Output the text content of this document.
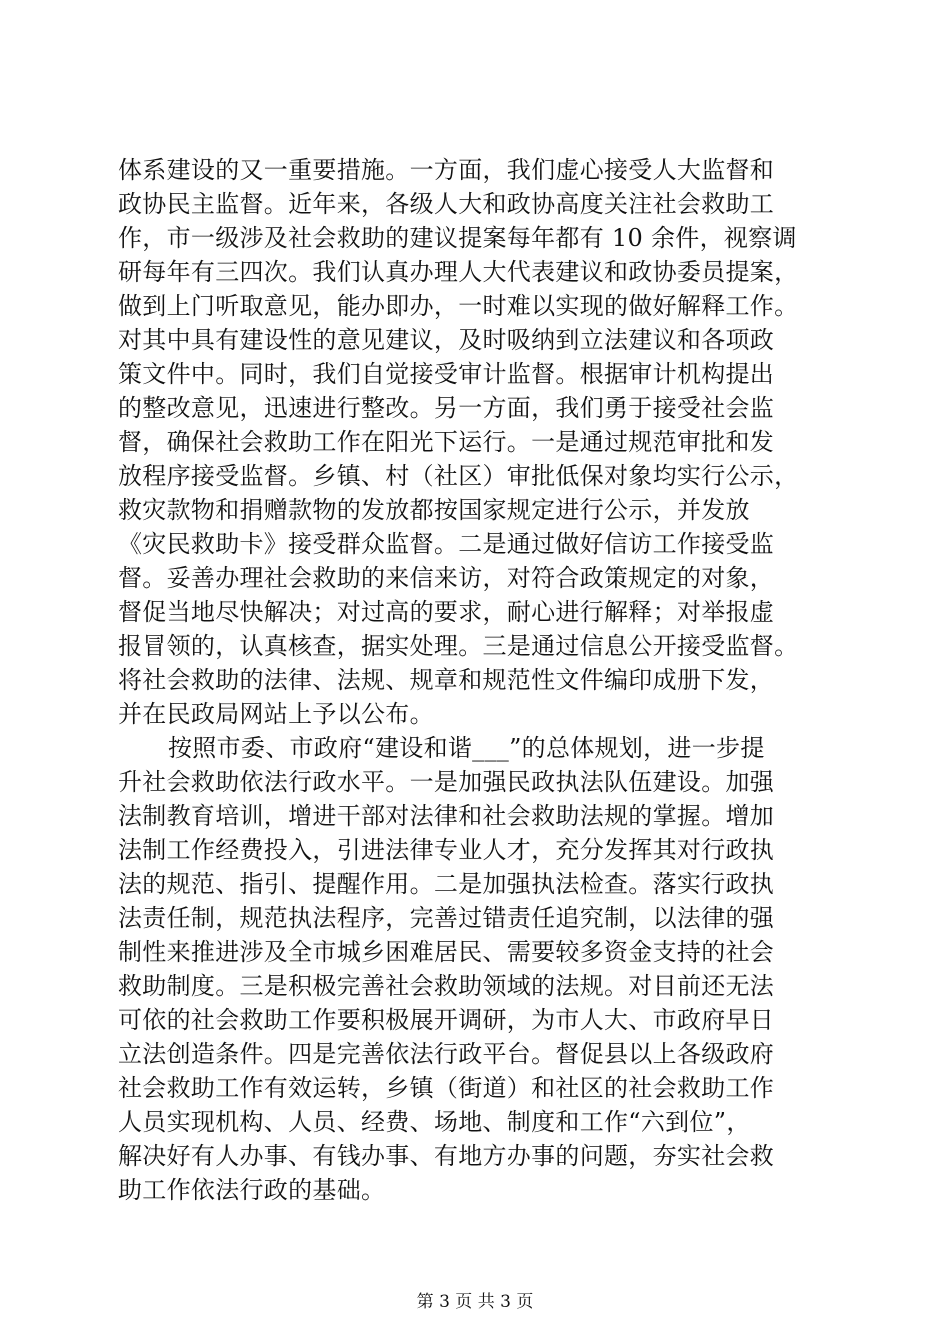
体系建设的又一重要措施。一方面，我们虚心接受人大监督和
政协民主监督。近年来，各级人大和政协高度关注社会救助工
作，市一级涉及社会救助的建议提案每年都有 10 余件，视察调
研每年有三四次。我们认真办理人大代表建议和政协委员提案，
做到上门听取意见，能办即办，一时难以实现的做好解释工作。
对其中具有建设性的意见建议，及时吸纳到立法建议和各项政
策文件中。同时，我们自觉接受审计监督。根据审计机构提出
的整改意见，迅速进行整改。另一方面，我们勇于接受社会监
督，确保社会救助工作在阳光下运行。一是通过规范审批和发
放程序接受监督。乡镇、村（社区）审批低保对象均实行公示，
救灾款物和捐赠款物的发放都按国家规定进行公示，并发放
《灾民救助卡》接受群众监督。二是通过做好信访工作接受监
督。妥善办理社会救助的来信来访，对符合政策规定的对象，
督促当地尽快解决；对过高的要求，耐心进行解释；对举报虚
报冒领的，认真核查，据实处理。三是通过信息公开接受监督。
将社会救助的法律、法规、规章和规范性文件编印成册下发，
并在民政局网站上予以公布。
按照市委、市政府“建设和谐___”的总体规划，进一步提
升社会救助依法行政水平。一是加强民政执法队伍建设。加强
法制教育培训，增进干部对法律和社会救助法规的掌握。增加
法制工作经费投入，引进法律专业人才，充分发挥其对行政执
法的规范、指引、提醒作用。二是加强执法检查。落实行政执
法责任制，规范执法程序，完善过错责任追究制，以法律的强
制性来推进涉及全市城乡困难居民、需要较多资金支持的社会
救助制度。三是积极完善社会救助领域的法规。对目前还无法
可依的社会救助工作要积极展开调研，为市人大、市政府早日
立法创造条件。四是完善依法行政平台。督促县以上各级政府
社会救助工作有效运转，乡镇（街道）和社区的社会救助工作
人员实现机构、人员、经费、场地、制度和工作“六到位”，
解决好有人办事、有钱办事、有地方办事的问题，夯实社会救
助工作依法行政的基础。
第 3 页 共 3 页
